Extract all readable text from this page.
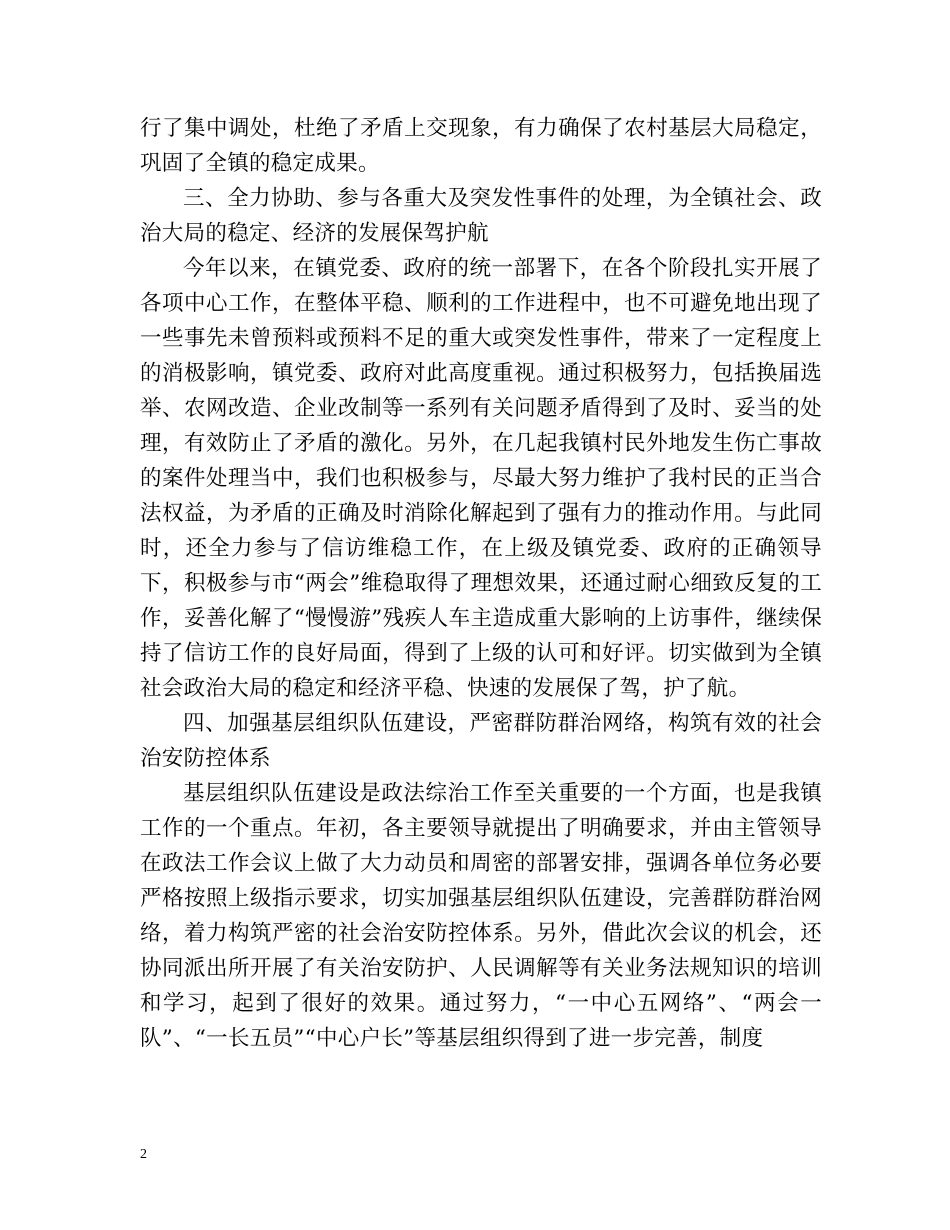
行了集中调处，杜绝了矛盾上交现象，有力确保了农村基层大局稳定，巩固了全镇的稳定成果。

三、全力协助、参与各重大及突发性事件的处理，为全镇社会、政治大局的稳定、经济的发展保驾护航

今年以来，在镇党委、政府的统一部署下，在各个阶段扎实开展了各项中心工作，在整体平稳、顺利的工作进程中，也不可避免地出现了一些事先未曾预料或预料不足的重大或突发性事件，带来了一定程度上的消极影响，镇党委、政府对此高度重视。通过积极努力，包括换届选举、农网改造、企业改制等一系列有关问题矛盾得到了及时、妥当的处理，有效防止了矛盾的激化。另外，在几起我镇村民外地发生伤亡事故的案件处理当中，我们也积极参与，尽最大努力维护了我村民的正当合法权益，为矛盾的正确及时消除化解起到了强有力的推动作用。与此同时，还全力参与了信访维稳工作，在上级及镇党委、政府的正确领导下，积极参与市“两会”维稳取得了理想效果，还通过耐心细致反复的工作，妥善化解了“慢慢游”残疾人车主造成重大影响的上访事件，继续保持了信访工作的良好局面，得到了上级的认可和好评。切实做到为全镇社会政治大局的稳定和经济平稳、快速的发展保了驾，护了航。

四、加强基层组织队伍建设，严密群防群治网络，构筑有效的社会治安防控体系

基层组织队伍建设是政法综治工作至关重要的一个方面，也是我镇工作的一个重点。年初，各主要领导就提出了明确要求，并由主管领导在政法工作会议上做了大力动员和周密的部署安排，强调各单位务必要严格按照上级指示要求，切实加强基层组织队伍建设，完善群防群治网络，着力构筑严密的社会治安防控体系。另外，借此次会议的机会，还协同派出所开展了有关治安防护、人民调解等有关业务法规知识的培训和学习，起到了很好的效果。通过努力，“一中心五网络”、“两会一队”、“一长五员”“中心户长”等基层组织得到了进一步完善，制度

2
